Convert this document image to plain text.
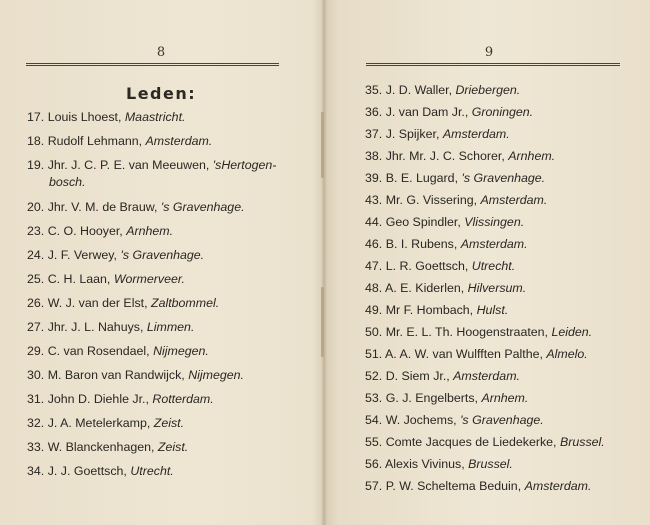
8
Leden:
17. Louis Lhoest, Maastricht.
18. Rudolf Lehmann, Amsterdam.
19. Jhr. J. C. P. E. van Meeuwen, 'sHertogen-
bosch.
20. Jhr. V. M. de Brauw, 's Gravenhage.
23. C. O. Hooyer, Arnhem.
24. J. F. Verwey, 's Gravenhage.
25. C. H. Laan, Wormerveer.
26. W. J. van der Elst, Zaltbommel.
27. Jhr. J. L. Nahuys, Limmen.
29. C. van Rosendael, Nijmegen.
30. M. Baron van Randwijck, Nijmegen.
31. John D. Diehle Jr., Rotterdam.
32. J. A. Metelerkamp, Zeist.
33. W. Blanckenhagen, Zeist.
34. J. J. Goettsch, Utrecht.
9
35. J. D. Waller, Driebergen.
36. J. van Dam Jr., Groningen.
37. J. Spijker, Amsterdam.
38. Jhr. Mr. J. C. Schorer, Arnhem.
39. B. E. Lugard, 's Gravenhage.
43. Mr. G. Vissering, Amsterdam.
44. Geo Spindler, Vlissingen.
46. B. I. Rubens, Amsterdam.
47. L. R. Goettsch, Utrecht.
48. A. E. Kiderlen, Hilversum.
49. Mr F. Hombach, Hulst.
50. Mr. E. L. Th. Hoogenstraaten, Leiden.
51. A. A. W. van Wulfften Palthe, Almelo.
52. D. Siem Jr., Amsterdam.
53. G. J. Engelberts, Arnhem.
54. W. Jochems, 's Gravenhage.
55. Comte Jacques de Liedekerke, Brussel.
56. Alexis Vivinus, Brussel.
57. P. W. Scheltema Beduin, Amsterdam.
